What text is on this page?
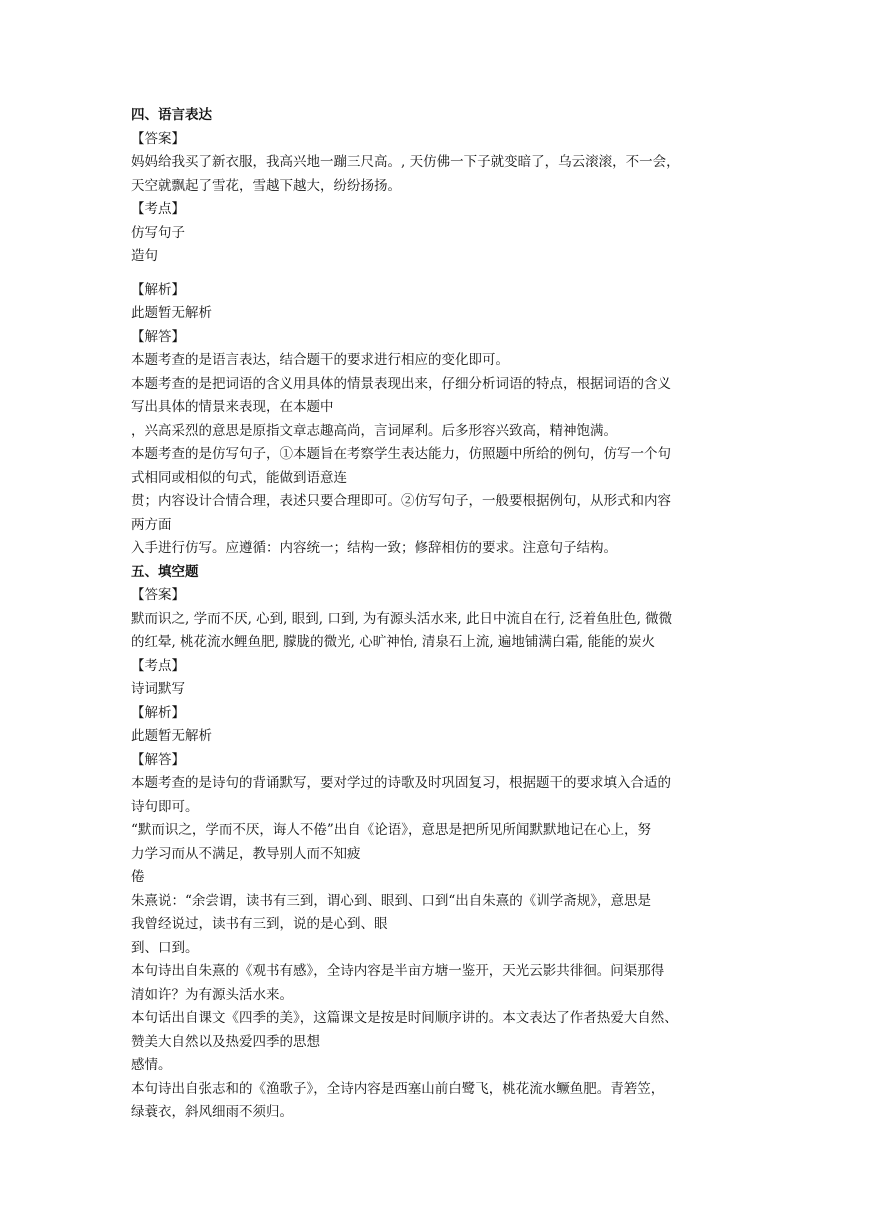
四、语言表达

【答案】

妈妈给我买了新衣服，我高兴地一蹦三尺高。, 天仿佛一下子就变暗了，乌云滚滚，不一会，

天空就飘起了雪花，雪越下越大，纷纷扬扬。

【考点】

仿写句子

造句

【解析】

此题暂无解析

【解答】

本题考查的是语言表达，结合题干的要求进行相应的变化即可。

本题考查的是把词语的含义用具体的情景表现出来，仔细分析词语的特点，根据词语的含义

写出具体的情景来表现，在本题中

，兴高采烈的意思是原指文章志趣高尚，言词犀利。后多形容兴致高，精神饱满。

本题考查的是仿写句子，①本题旨在考察学生表达能力，仿照题中所给的例句，仿写一个句

式相同或相似的句式，能做到语意连

贯；内容设计合情合理，表述只要合理即可。②仿写句子，一般要根据例句，从形式和内容

两方面

入手进行仿写。应遵循：内容统一；结构一致；修辞相仿的要求。注意句子结构。

五、填空题

【答案】

默而识之, 学而不厌, 心到, 眼到, 口到, 为有源头活水来, 此日中流自在行, 泛着鱼肚色, 微微

的红晕, 桃花流水鲤鱼肥, 朦胧的微光, 心旷神怡, 清泉石上流, 遍地铺满白霜, 能能的炭火

【考点】

诗词默写

【解析】

此题暂无解析

【解答】

本题考查的是诗句的背诵默写，要对学过的诗歌及时巩固复习，根据题干的要求填入合适的

诗句即可。

“默而识之，学而不厌，诲人不倦”出自《论语》，意思是把所见所闻默默地记在心上，努

力学习而从不满足，教导别人而不知疲

倦

朱熹说：“余尝谓，读书有三到，谓心到、眼到、口到“出自朱熹的《训学斋规》，意思是

我曾经说过，读书有三到，说的是心到、眼

到、口到。

本句诗出自朱熹的《观书有感》，全诗内容是半亩方塘一鉴开，天光云影共徘徊。问渠那得

清如许？为有源头活水来。

本句话出自课文《四季的美》，这篇课文是按是时间顺序讲的。本文表达了作者热爱大自然、

赞美大自然以及热爱四季的思想

感情。

本句诗出自张志和的《渔歌子》，全诗内容是西塞山前白鹭飞，桃花流水鳜鱼肥。青箬笠，

绿蓑衣，斜风细雨不须归。
